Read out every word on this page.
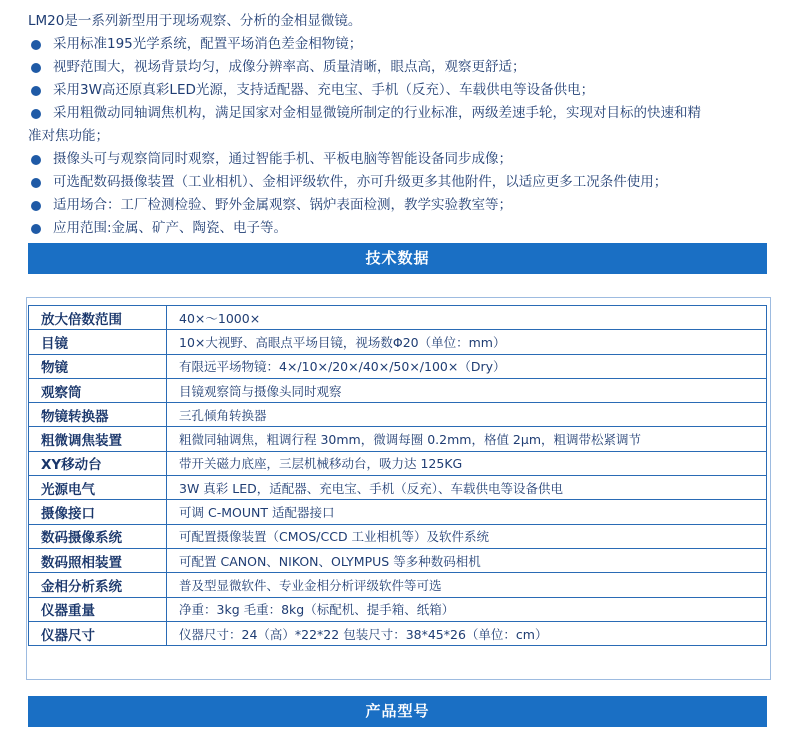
LM20是一系列新型用于现场观察、分析的金相显微镜。
采用标准195光学系统，配置平场消色差金相物镜；
视野范围大，视场背景均匀，成像分辨率高、质量清晰，眼点高，观察更舒适；
采用3W高还原真彩LED光源，支持适配器、充电宝、手机（反充）、车载供电等设备供电；
采用粗微动同轴调焦机构，满足国家对金相显微镜所制定的行业标准，两级差速手轮，实现对目标的快速和精
准对焦功能；
摄像头可与观察筒同时观察，通过智能手机、平板电脑等智能设备同步成像；
可选配数码摄像装置（工业相机）、金相评级软件，亦可升级更多其他附件，以适应更多工况条件使用；
适用场合：工厂检测检验、野外金属观察、锅炉表面检测，教学实验教室等；
应用范围:金属、矿产、陶瓷、电子等。
技术数据
放大倍数范围	40×～1000×
目镜	10×大视野、高眼点平场目镜，视场数Φ20（单位：mm）
物镜	有限远平场物镜：4×/10×/20×/40×/50×/100×（Dry）
观察筒	目镜观察筒与摄像头同时观察
物镜转换器	三孔倾角转换器
粗微调焦装置	粗微同轴调焦，粗调行程 30mm，微调每圈 0.2mm，格值 2μm，粗调带松紧调节
XY移动台	带开关磁力底座，三层机械移动台，吸力达 125KG
光源电气	3W 真彩 LED，适配器、充电宝、手机（反充）、车载供电等设备供电
摄像接口	可调 C-MOUNT 适配器接口
数码摄像系统	可配置摄像装置（CMOS/CCD 工业相机等）及软件系统
数码照相装置	可配置 CANON、NIKON、OLYMPUS 等多种数码相机
金相分析系统	普及型显微软件、专业金相分析评级软件等可选
仪器重量	净重：3kg 毛重：8kg（标配机、提手箱、纸箱）
仪器尺寸	仪器尺寸：24（高）*22*22 包装尺寸：38*45*26（单位：cm）
产品型号
